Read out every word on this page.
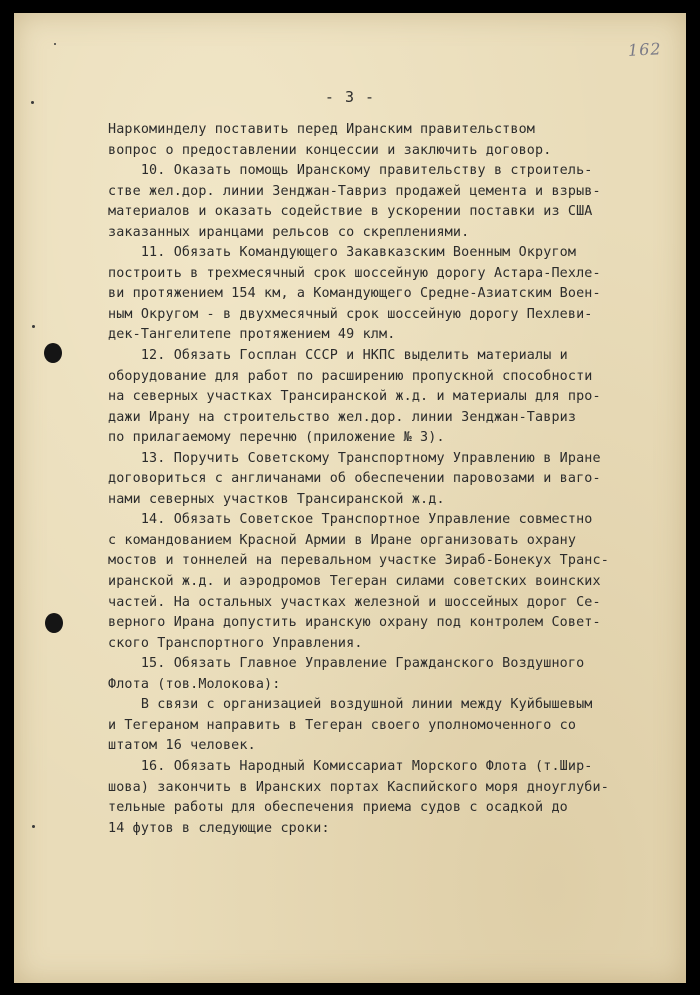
162
- 3 -
Наркоминделу поставить перед Иранским правительством
вопрос о предоставлении концессии и заключить договор.
10. Оказать помощь Иранскому правительству в строитель-
стве жел.дор. линии Зенджан-Тавриз продажей цемента и взрыв-
материалов и оказать содействие в ускорении поставки из США
заказанных иранцами рельсов со скреплениями.
11. Обязать Командующего Закавказским Военным Округом
построить в трехмесячный срок шоссейную дорогу Астара-Пехле-
ви протяжением 154 км, а Командующего Средне-Азиатским Воен-
ным Округом - в двухмесячный срок шоссейную дорогу Пехлеви-
дек-Тангелитепе протяжением 49 клм.
12. Обязать Госплан СССР и НКПС выделить материалы и
оборудование для работ по расширению пропускной способности
на северных участках Трансиранской ж.д. и материалы для про-
дажи Ирану на строительство жел.дор. линии Зенджан-Тавриз
по прилагаемому перечню (приложение № 3).
13. Поручить Советскому Транспортному Управлению в Иране
договориться с англичанами об обеспечении паровозами и ваго-
нами северных участков Трансиранской ж.д.
14. Обязать Советское Транспортное Управление совместно
с командованием Красной Армии в Иране организовать охрану
мостов и тоннелей на перевальном участке Зираб-Бонекух Транс-
иранской ж.д. и аэродромов Тегеран силами советских воинских
частей. На остальных участках железной и шоссейных дорог Се-
верного Ирана допустить иранскую охрану под контролем Совет-
ского Транспортного Управления.
15. Обязать Главное Управление Гражданского Воздушного
Флота (тов.Молокова):
В связи с организацией воздушной линии между Куйбышевым
и Тегераном направить в Тегеран своего уполномоченного со
штатом 16 человек.
16. Обязать Народный Комиссариат Морского Флота (т.Шир-
шова) закончить в Иранских портах Каспийского моря дноуглуби-
тельные работы для обеспечения приема судов с осадкой до
14 футов в следующие сроки:
